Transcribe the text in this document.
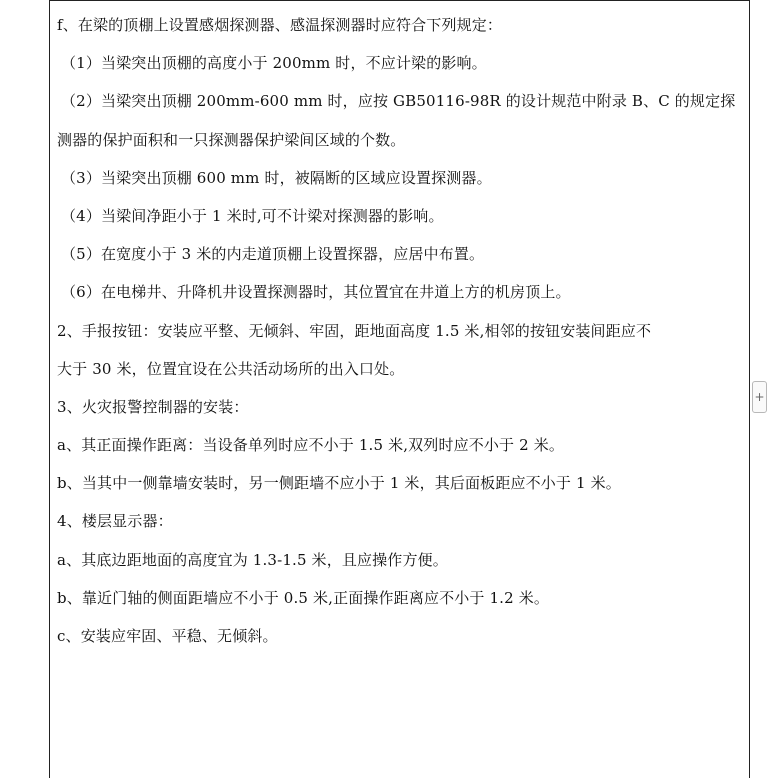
f、在梁的顶棚上设置感烟探测器、感温探测器时应符合下列规定：
（1）当梁突出顶棚的高度小于 200mm 时，不应计梁的影响。
（2）当梁突出顶棚 200mm-600 mm 时，应按 GB50116-98R 的设计规范中附录 B、C 的规定探
测器的保护面积和一只探测器保护梁间区域的个数。
（3）当梁突出顶棚 600 mm 时，被隔断的区域应设置探测器。
（4）当梁间净距小于 1 米时,可不计梁对探测器的影响。
（5）在宽度小于 3 米的内走道顶棚上设置探器，应居中布置。
（6）在电梯井、升降机井设置探测器时，其位置宜在井道上方的机房顶上。
2、手报按钮：安装应平整、无倾斜、牢固，距地面高度 1.5 米,相邻的按钮安装间距应不
大于 30 米，位置宜设在公共活动场所的出入口处。
3、火灾报警控制器的安装：
a、其正面操作距离：当设备单列时应不小于 1.5 米,双列时应不小于 2 米。
b、当其中一侧靠墙安装时，另一侧距墙不应小于 1 米，其后面板距应不小于 1 米。
4、楼层显示器：
a、其底边距地面的高度宜为 1.3-1.5 米，且应操作方便。
b、靠近门轴的侧面距墙应不小于 0.5 米,正面操作距离应不小于 1.2 米。
c、安装应牢固、平稳、无倾斜。
+
